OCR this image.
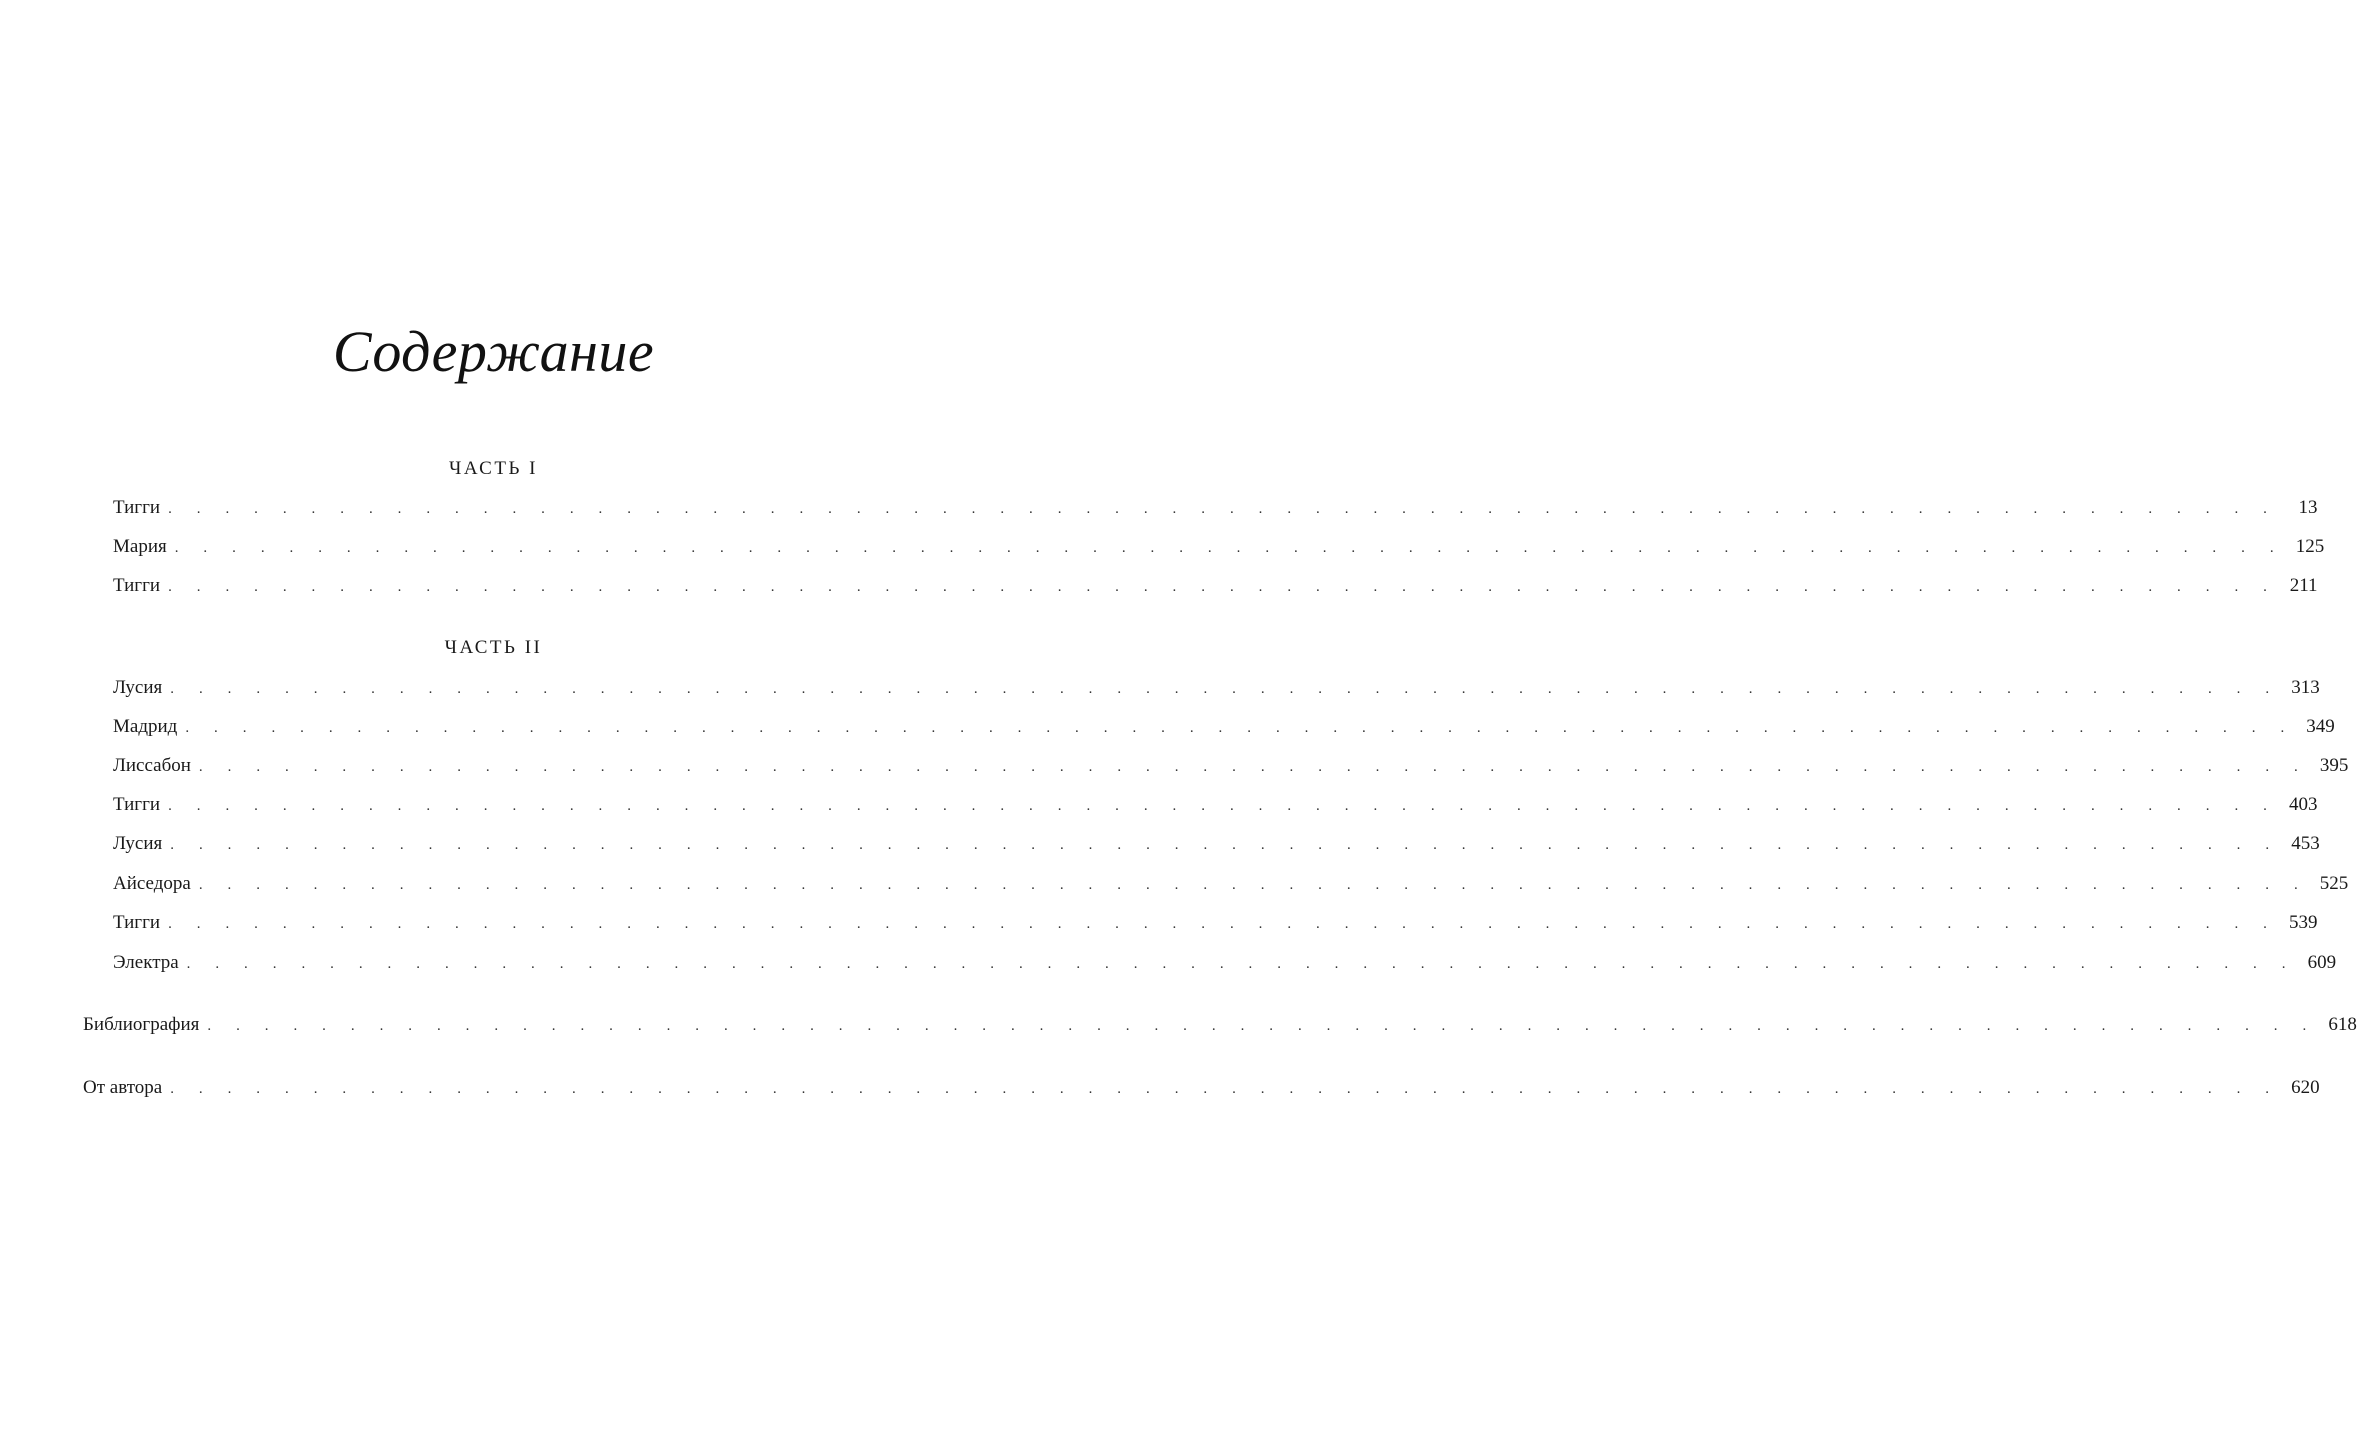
Содержание
ЧАСТЬ I
Тигги . . . . . . . . . . . . . . . . . . . . . . . . . . . . . . . . . . . . . . . . . . . . . . . . . . . . . . . . . . . . . . . . . . . . . . . . . .	13
Мария . . . . . . . . . . . . . . . . . . . . . . . . . . . . . . . . . . . . . . . . . . . . . . . . . . . . . . . . . . . . . . . . . . . . . . . . . . 125
Тигги . . . . . . . . . . . . . . . . . . . . . . . . . . . . . . . . . . . . . . . . . . . . . . . . . . . . . . . . . . . . . . . . . . . . . . . . . . 211
ЧАСТЬ II
Лусия . . . . . . . . . . . . . . . . . . . . . . . . . . . . . . . . . . . . . . . . . . . . . . . . . . . . . . . . . . . . . . . . . . . . . . . . . . 313
Мадрид . . . . . . . . . . . . . . . . . . . . . . . . . . . . . . . . . . . . . . . . . . . . . . . . . . . . . . . . . . . . . . . . . . . . . . . . . . 349
Лиссабон . . . . . . . . . . . . . . . . . . . . . . . . . . . . . . . . . . . . . . . . . . . . . . . . . . . . . . . . . . . . . . . . . . . . . . . . . . 395
Тигги . . . . . . . . . . . . . . . . . . . . . . . . . . . . . . . . . . . . . . . . . . . . . . . . . . . . . . . . . . . . . . . . . . . . . . . . . . 403
Лусия . . . . . . . . . . . . . . . . . . . . . . . . . . . . . . . . . . . . . . . . . . . . . . . . . . . . . . . . . . . . . . . . . . . . . . . . . . 453
Айседора . . . . . . . . . . . . . . . . . . . . . . . . . . . . . . . . . . . . . . . . . . . . . . . . . . . . . . . . . . . . . . . . . . . . . . . . . . 525
Тигги . . . . . . . . . . . . . . . . . . . . . . . . . . . . . . . . . . . . . . . . . . . . . . . . . . . . . . . . . . . . . . . . . . . . . . . . . . 539
Электра . . . . . . . . . . . . . . . . . . . . . . . . . . . . . . . . . . . . . . . . . . . . . . . . . . . . . . . . . . . . . . . . . . . . . . . . . . 609
Библиография . . . . . . . . . . . . . . . . . . . . . . . . . . . . . . . . . . . . . . . . . . . . . . . . . . . . . . . . . . . . . . . . . . . . . . . . . . 618
От автора . . . . . . . . . . . . . . . . . . . . . . . . . . . . . . . . . . . . . . . . . . . . . . . . . . . . . . . . . . . . . . . . . . . . . . . . . . 620
